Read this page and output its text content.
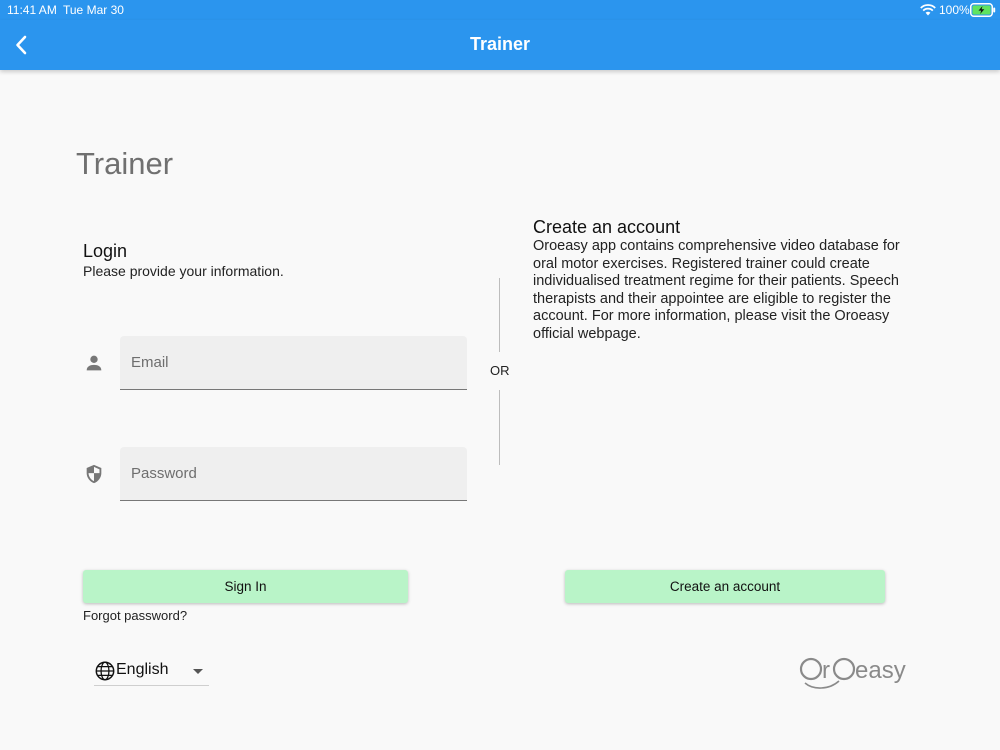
11:41 AM Tue Mar 30	100%
Trainer
Trainer
Login
Please provide your information.
Email
OR
Create an account
Oroeasy app contains comprehensive video database for oral motor exercises. Registered trainer could create individualised treatment regime for their patients. Speech therapists and their appointee are eligible to register the account. For more information, please visit the Oroeasy official webpage.
Sign In	Create an account
Forgot password?
English	r easy
